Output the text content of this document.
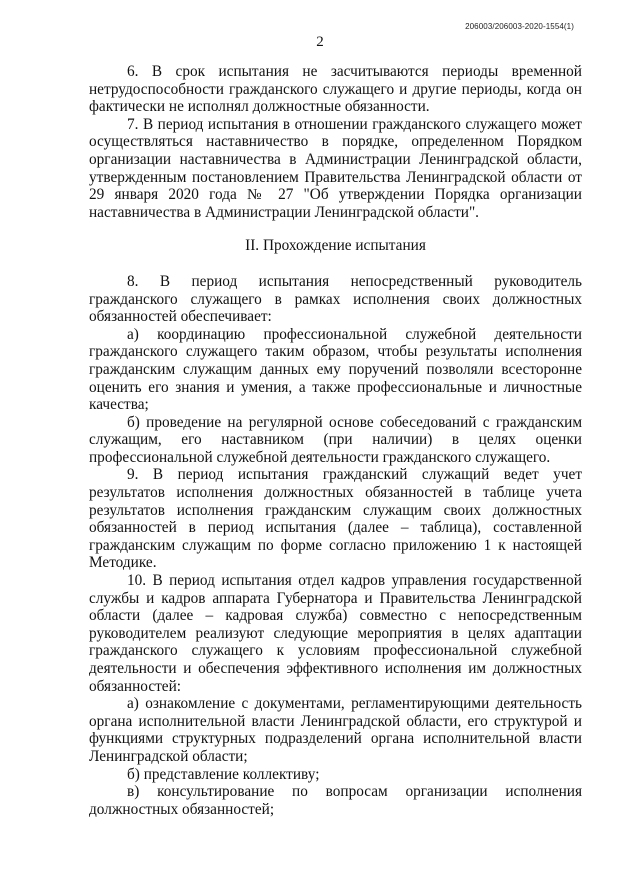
206003/206003-2020-1554(1)
2

6. В срок испытания не засчитываются периоды временной нетрудоспособности гражданского служащего и другие периоды, когда он фактически не исполнял должностные обязанности.

7. В период испытания в отношении гражданского служащего может осуществляться наставничество в порядке, определенном Порядком организации наставничества в Администрации Ленинградской области, утвержденным постановлением Правительства Ленинградской области от 29 января 2020 года № 27 "Об утверждении Порядка организации наставничества в Администрации Ленинградской области".

II. Прохождение испытания

8. В период испытания непосредственный руководитель гражданского служащего в рамках исполнения своих должностных обязанностей обеспечивает:

а) координацию профессиональной служебной деятельности гражданского служащего таким образом, чтобы результаты исполнения гражданским служащим данных ему поручений позволяли всесторонне оценить его знания и умения, а также профессиональные и личностные качества;

б) проведение на регулярной основе собеседований с гражданским служащим, его наставником (при наличии) в целях оценки профессиональной служебной деятельности гражданского служащего.

9. В период испытания гражданский служащий ведет учет результатов исполнения должностных обязанностей в таблице учета результатов исполнения гражданским служащим своих должностных обязанностей в период испытания (далее – таблица), составленной гражданским служащим по форме согласно приложению 1 к настоящей Методике.

10. В период испытания отдел кадров управления государственной службы и кадров аппарата Губернатора и Правительства Ленинградской области (далее – кадровая служба) совместно с непосредственным руководителем реализуют следующие мероприятия в целях адаптации гражданского служащего к условиям профессиональной служебной деятельности и обеспечения эффективного исполнения им должностных обязанностей:

а) ознакомление с документами, регламентирующими деятельность органа исполнительной власти Ленинградской области, его структурой и функциями структурных подразделений органа исполнительной власти Ленинградской области;

б) представление коллективу;

в) консультирование по вопросам организации исполнения должностных обязанностей;
